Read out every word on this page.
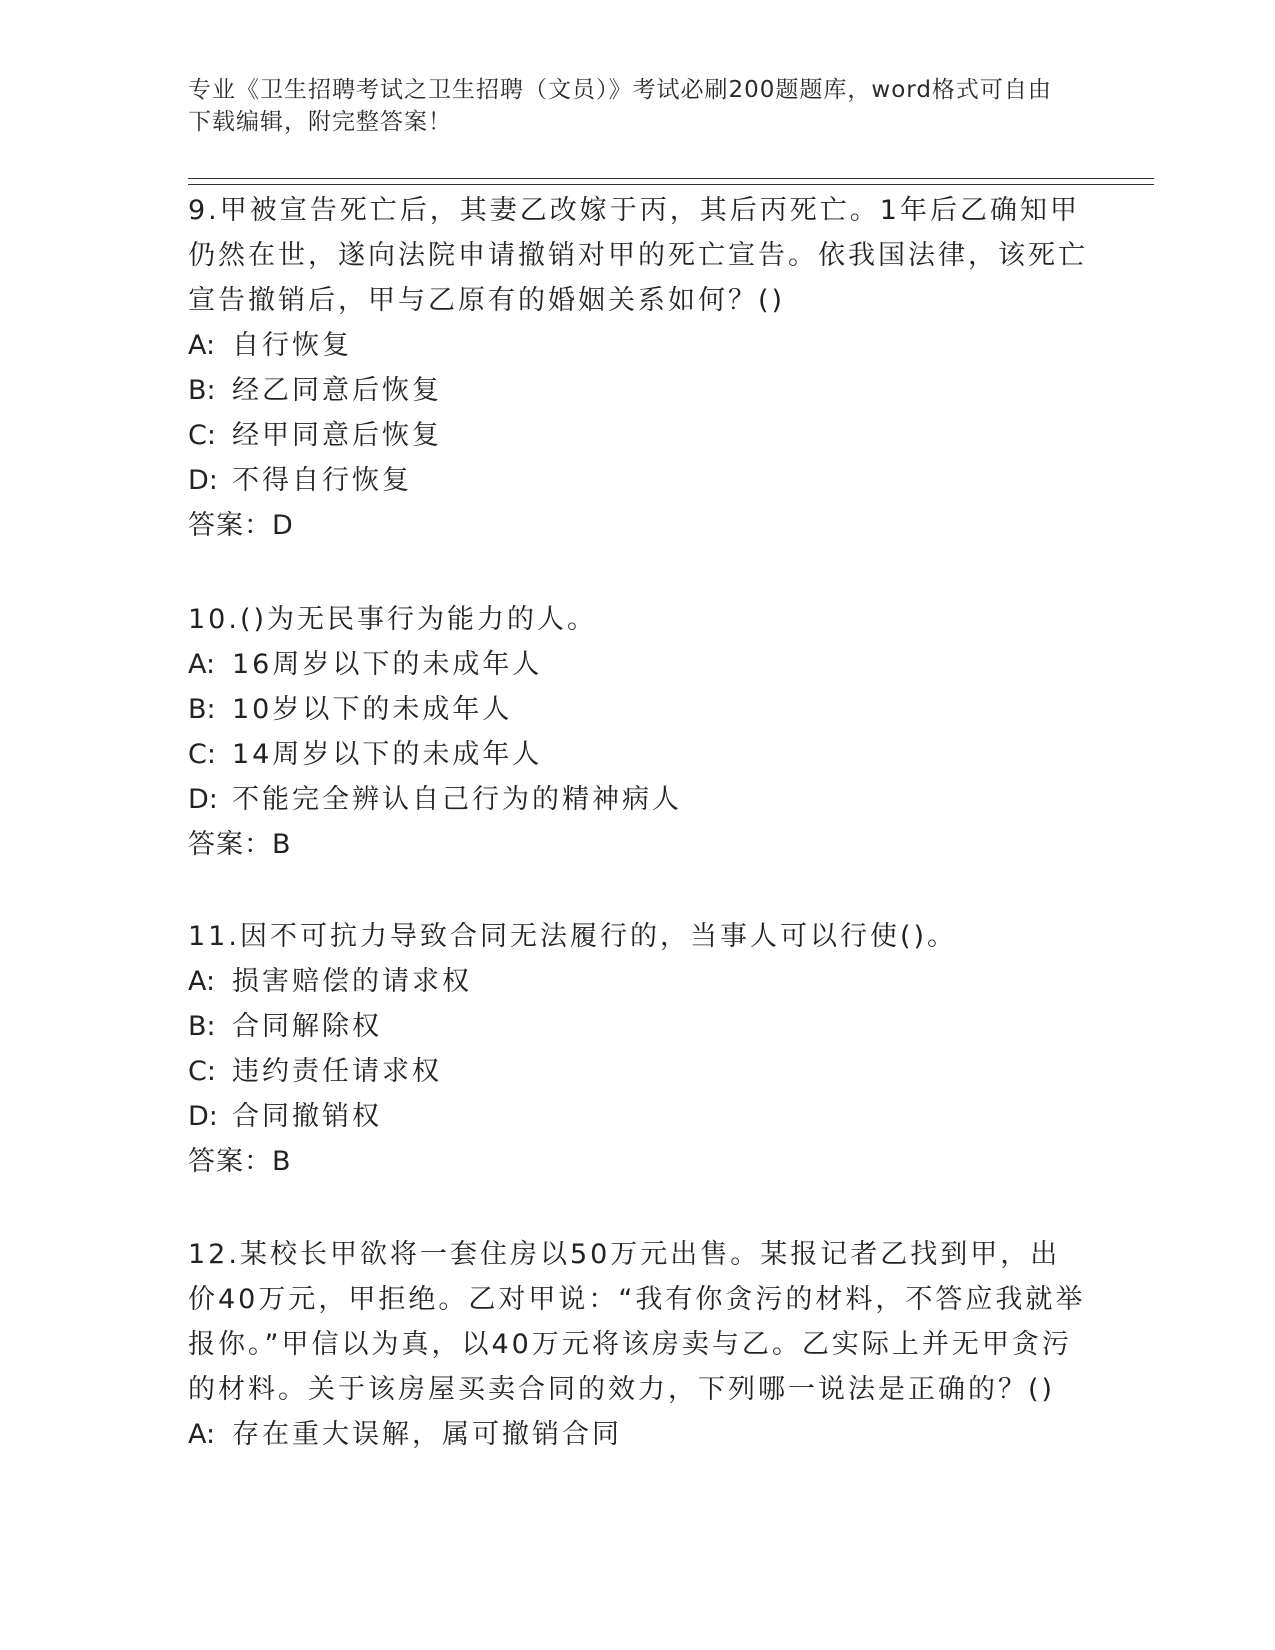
专业《卫生招聘考试之卫生招聘（文员）》考试必刷200题题库，word格式可自由下载编辑，附完整答案！

9.甲被宣告死亡后，其妻乙改嫁于丙，其后丙死亡。1年后乙确知甲仍然在世，遂向法院申请撤销对甲的死亡宣告。依我国法律，该死亡宣告撤销后，甲与乙原有的婚姻关系如何？()

A: 自行恢复

B: 经乙同意后恢复

C: 经甲同意后恢复

D: 不得自行恢复

答案：D

10.()为无民事行为能力的人。

A: 16周岁以下的未成年人

B: 10岁以下的未成年人

C: 14周岁以下的未成年人

D: 不能完全辨认自己行为的精神病人

答案：B

11.因不可抗力导致合同无法履行的，当事人可以行使()。

A: 损害赔偿的请求权

B: 合同解除权

C: 违约责任请求权

D: 合同撤销权

答案：B

12.某校长甲欲将一套住房以50万元出售。某报记者乙找到甲，出价40万元，甲拒绝。乙对甲说：“我有你贪污的材料，不答应我就举报你。”甲信以为真，以40万元将该房卖与乙。乙实际上并无甲贪污的材料。关于该房屋买卖合同的效力，下列哪一说法是正确的？()

A: 存在重大误解，属可撤销合同
